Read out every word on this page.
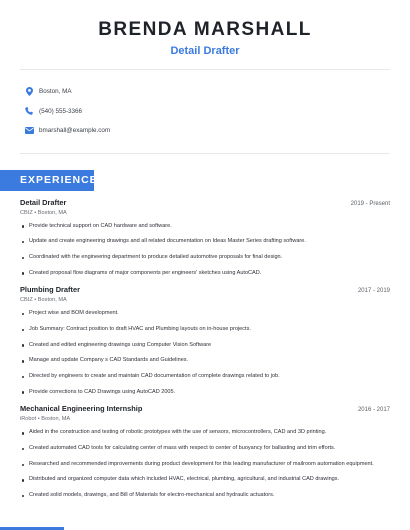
BRENDA MARSHALL
Detail Drafter
Boston, MA
(540) 555-3366
bmarshall@example.com
EXPERIENCE
Detail Drafter	2019 - Present
CBIZ • Boston, MA
Provide technical support on CAD hardware and software.
Update and create engineering drawings and all related documentation on Ideas Master Series drafting software.
Coordinated with the engineering department to produce detailed automotive proposals for final design.
Created proposal flow diagrams of major components per engineers' sketches using AutoCAD.
Plumbing Drafter	2017 - 2019
CBIZ • Boston, MA
Project wise and BOM development.
Job Summary: Contract position to draft HVAC and Plumbing layouts on in-house projects.
Created and edited engineering drawings using Computer Vision Software
Manage and update Company s CAD Standards and Guidelines.
Directed by engineers to create and maintain CAD documentation of complete drawings related to job.
Provide corrections to CAD Drawings using AutoCAD 2005.
Mechanical Engineering Internship	2016 - 2017
iRobot • Boston, MA
Aided in the construction and testing of robotic prototypes with the use of sensors, microcontrollers, CAD and 3D printing.
Created automated CAD tools for calculating center of mass with respect to center of buoyancy for ballasting and trim efforts.
Researched and recommended improvements during product development for this leading manufacturer of mailroom automation equipment.
Distributed and organized computer data which included HVAC, electrical, plumbing, agricultural, and industrial CAD drawings.
Created solid models, drawings, and Bill of Materials for electro-mechanical and hydraulic actuators.
